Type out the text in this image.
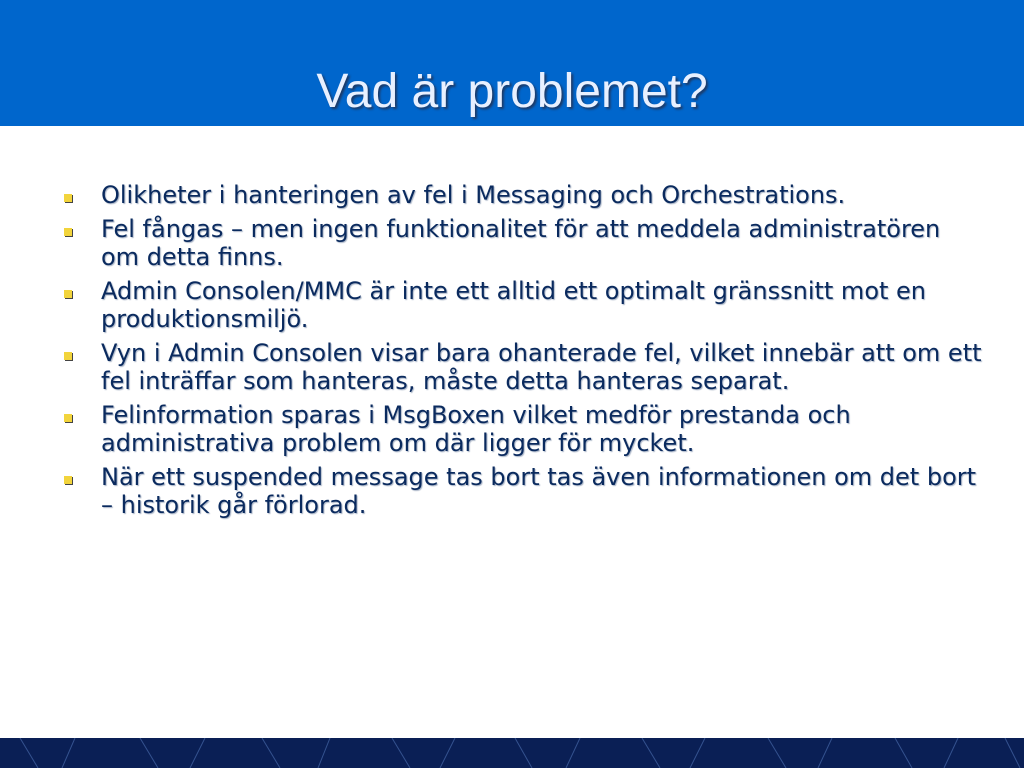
Vad är problemet?
Olikheter i hanteringen av fel i Messaging och Orchestrations.
Fel fångas – men ingen funktionalitet för att meddela administratören om detta finns.
Admin Consolen/MMC är inte ett alltid ett optimalt gränssnitt mot en produktionsmiljö.
Vyn i Admin Consolen visar bara ohanterade fel, vilket innebär att om ett fel inträffar som hanteras, måste detta hanteras separat.
Felinformation sparas i MsgBoxen vilket medför prestanda och administrativa problem om där ligger för mycket.
När ett suspended message tas bort tas även informationen om det bort – historik går förlorad.
